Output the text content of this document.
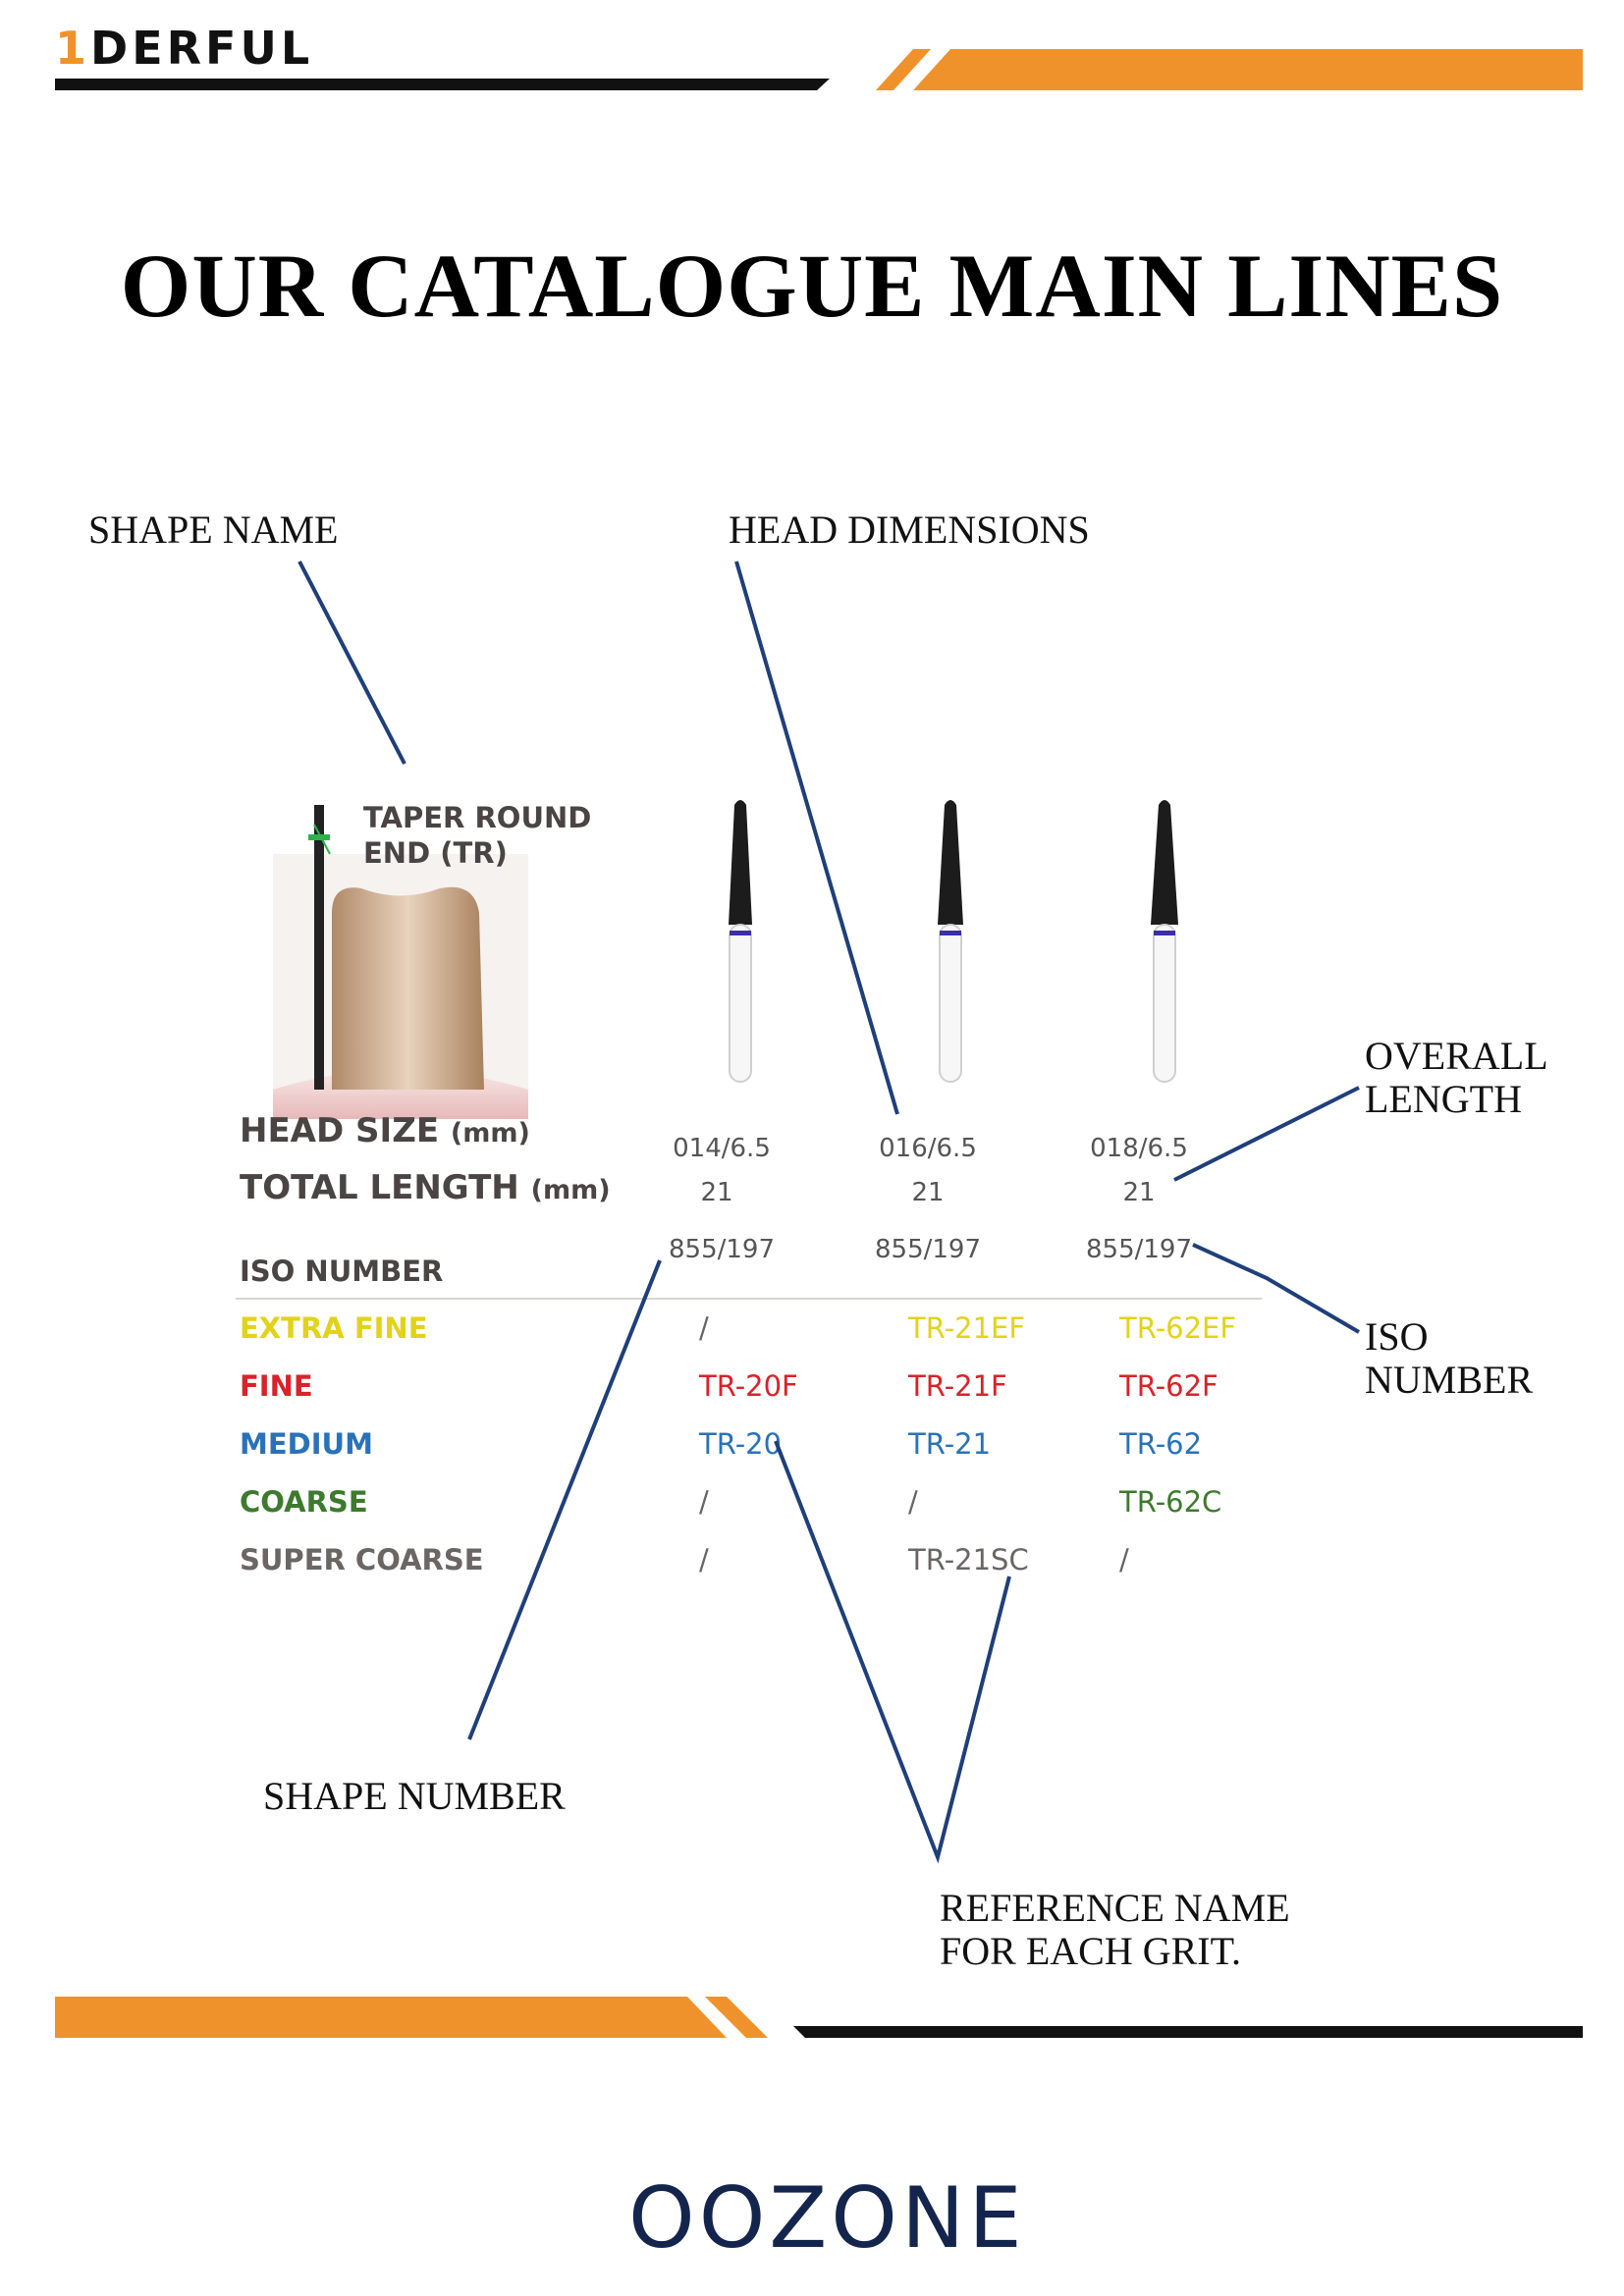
1DERFUL
OUR CATALOGUE MAIN LINES
SHAPE NAME	HEAD DIMENSIONS
OVERALL
LENGTH
ISO
NUMBER
SHAPE NUMBER
REFERENCE NAME
FOR EACH GRIT.
TAPER ROUND
END (TR)
HEAD SIZE (mm)
TOTAL LENGTH (mm)
ISO NUMBER
014/6.5	016/6.5	018/6.5
21	21	21
855/197	855/197	855/197
EXTRA FINE	/	TR-21EF	TR-62EF
FINE	TR-20F	TR-21F	TR-62F
MEDIUM	TR-20	TR-21	TR-62
COARSE	/	/	TR-62C
SUPER COARSE	/	TR-21SC	/
OOZONE
